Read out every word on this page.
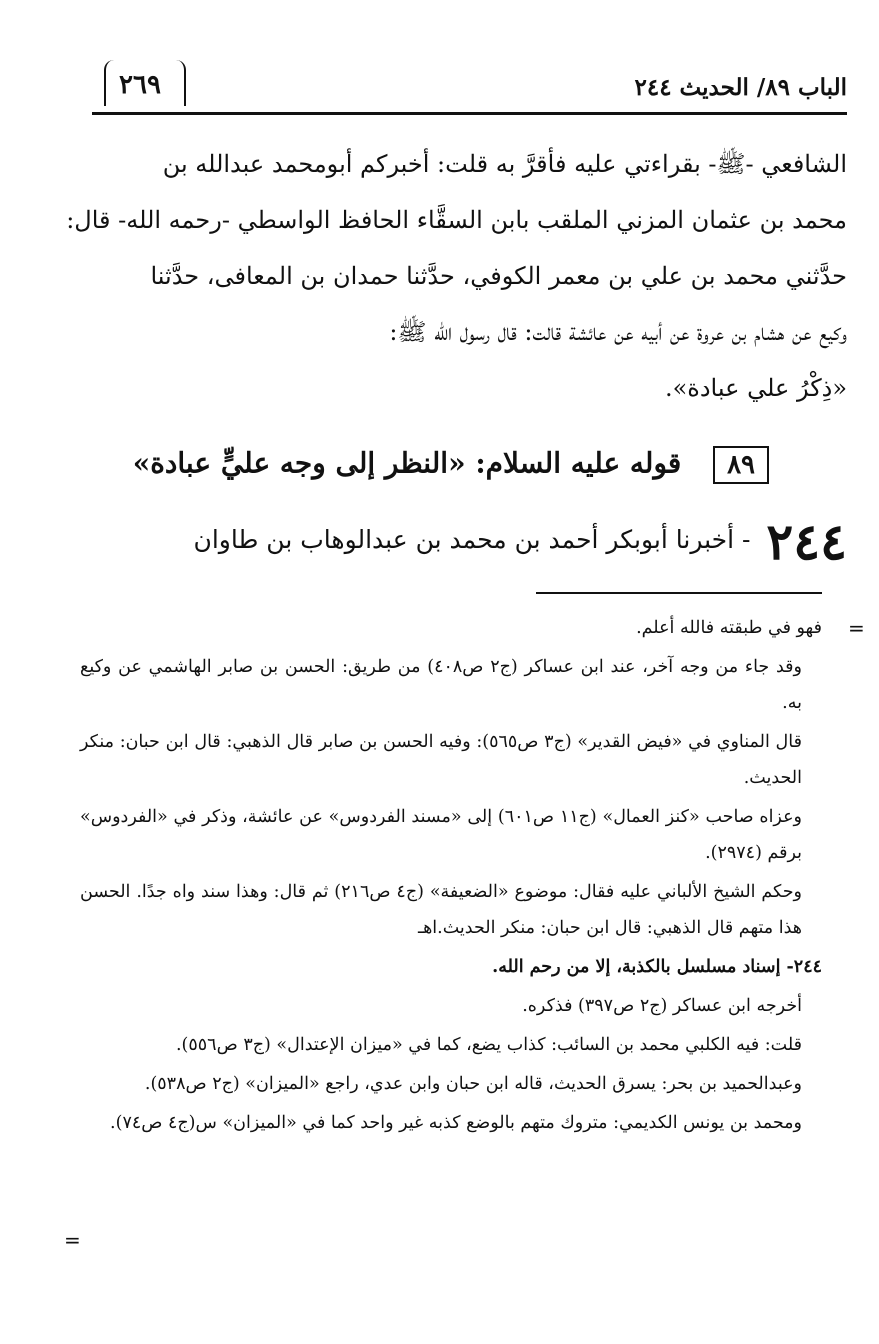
الباب ٨٩/ الحديث ٢٤٤
٢٦٩

الشافعي -ﷺ- بقراءتي عليه فأقرَّ به قلت: أخبركم أبومحمد عبدالله بن

محمد بن عثمان المزني الملقب بابن السقَّاء الحافظ الواسطي -رحمه الله- قال:

حدَّثني محمد بن علي بن معمر الكوفي، حدَّثنا حمدان بن المعافى، حدَّثنا

وكيع عن هشام بن عروة عن أبيه عن عائشة قالت: قال رسول الله ﷺ:

«ذِكْرُ علي عبادة».

٨٩ قوله عليه السلام: «النظر إلى وجه عليٍّ عبادة»
٢٤٤ - أخبرنا أبوبكر أحمد بن محمد بن عبدالوهاب بن طاوان
=
=

فهو في طبقته فالله أعلم.

وقد جاء من وجه آخر، عند ابن عساكر (ج٢ ص٤٠٨) من طريق: الحسن بن صابر الهاشمي عن وكيع به.

قال المناوي في «فيض القدير» (ج٣ ص٥٦٥): وفيه الحسن بن صابر قال الذهبي: قال ابن حبان: منكر الحديث.

وعزاه صاحب «كنز العمال» (ج١١ ص٦٠١) إلى «مسند الفردوس» عن عائشة، وذكر في «الفردوس» برقم (٢٩٧٤).

وحكم الشيخ الألباني عليه فقال: موضوع «الضعيفة» (ج٤ ص٢١٦) ثم قال: وهذا سند واه جدًا. الحسن هذا متهم قال الذهبي: قال ابن حبان: منكر الحديث.اهـ

٢٤٤- إسناد مسلسل بالكذبة، إلا من رحم الله.

أخرجه ابن عساكر (ج٢ ص٣٩٧) فذكره.

قلت: فيه الكلبي محمد بن السائب: كذاب يضع، كما في «ميزان الإعتدال» (ج٣ ص٥٥٦).

وعبدالحميد بن بحر: يسرق الحديث، قاله ابن حبان وابن عدي، راجع «الميزان» (ج٢ ص٥٣٨).

ومحمد بن يونس الكديمي: متروك متهم بالوضع كذبه غير واحد كما في «الميزان» س(ج٤ ص٧٤).
